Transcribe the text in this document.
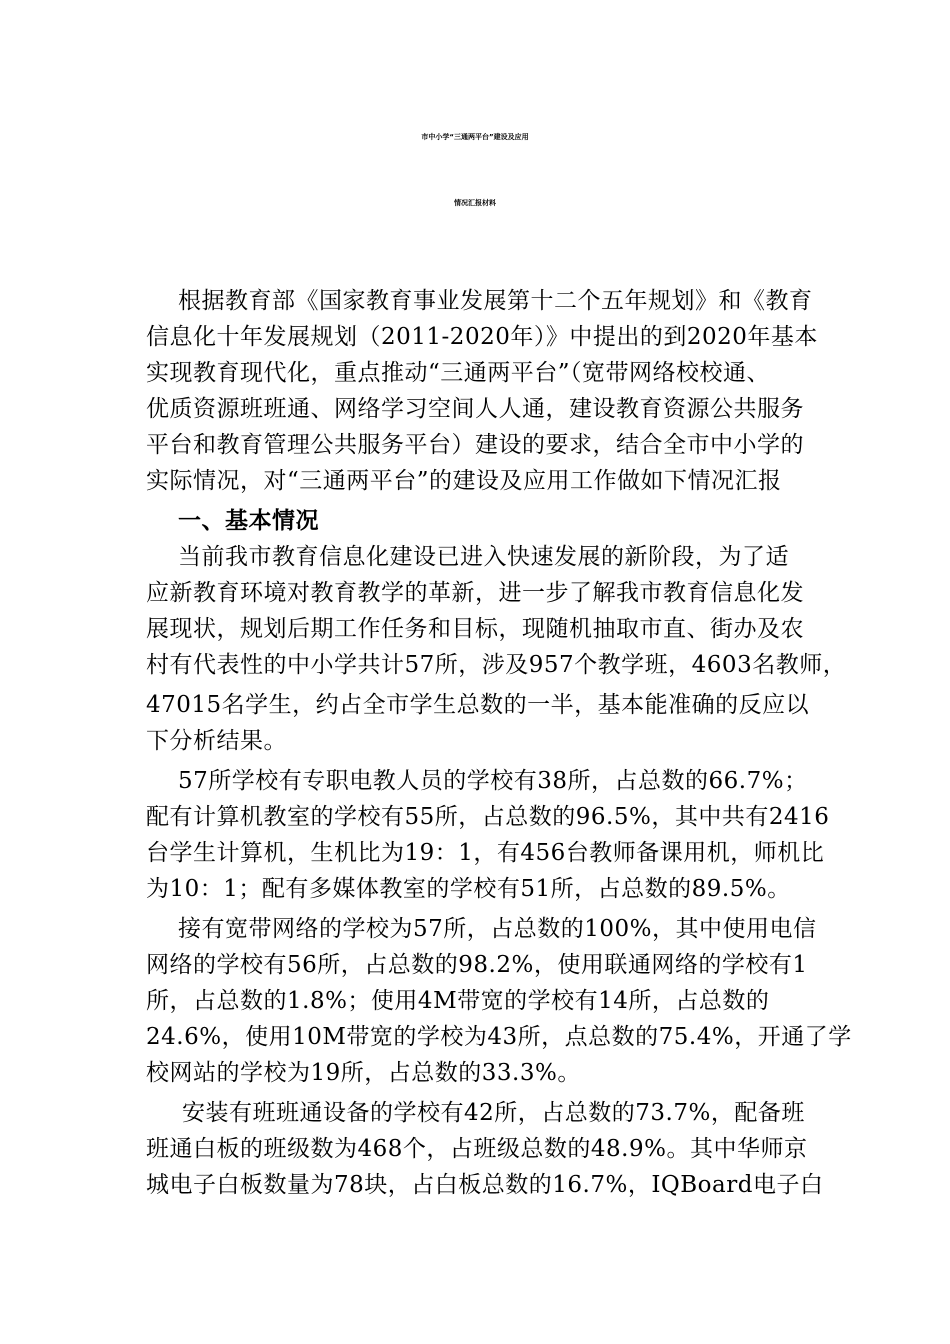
市中小学“三通两平台”建设及应用
情况汇报材料
根据教育部《国家教育事业发展第十二个五年规划》和《教育
信息化十年发展规划（2011-2020年）》中提出的到2020年基本
实现教育现代化，重点推动“三通两平台”（宽带网络校校通、
优质资源班班通、网络学习空间人人通，建设教育资源公共服务
平台和教育管理公共服务平台）建设的要求，结合全市中小学的
实际情况，对“三通两平台”的建设及应用工作做如下情况汇报
一、基本情况
当前我市教育信息化建设已进入快速发展的新阶段，为了适
应新教育环境对教育教学的革新，进一步了解我市教育信息化发
展现状，规划后期工作任务和目标，现随机抽取市直、街办及农
村有代表性的中小学共计57所，涉及957个教学班，4603名教师，
47015名学生，约占全市学生总数的一半，基本能准确的反应以
下分析结果。
57所学校有专职电教人员的学校有38所，占总数的66.7%；
配有计算机教室的学校有55所，占总数的96.5%，其中共有2416
台学生计算机，生机比为19：1，有456台教师备课用机，师机比
为10：1；配有多媒体教室的学校有51所，占总数的89.5%。
接有宽带网络的学校为57所，占总数的100%，其中使用电信
网络的学校有56所，占总数的98.2%，使用联通网络的学校有1
所，占总数的1.8%；使用4M带宽的学校有14所，占总数的
24.6%，使用10M带宽的学校为43所，点总数的75.4%，开通了学
校网站的学校为19所，占总数的33.3%。
安装有班班通设备的学校有42所，占总数的73.7%，配备班
班通白板的班级数为468个，占班级总数的48.9%。其中华师京
城电子白板数量为78块，占白板总数的16.7%，IQBoard电子白
